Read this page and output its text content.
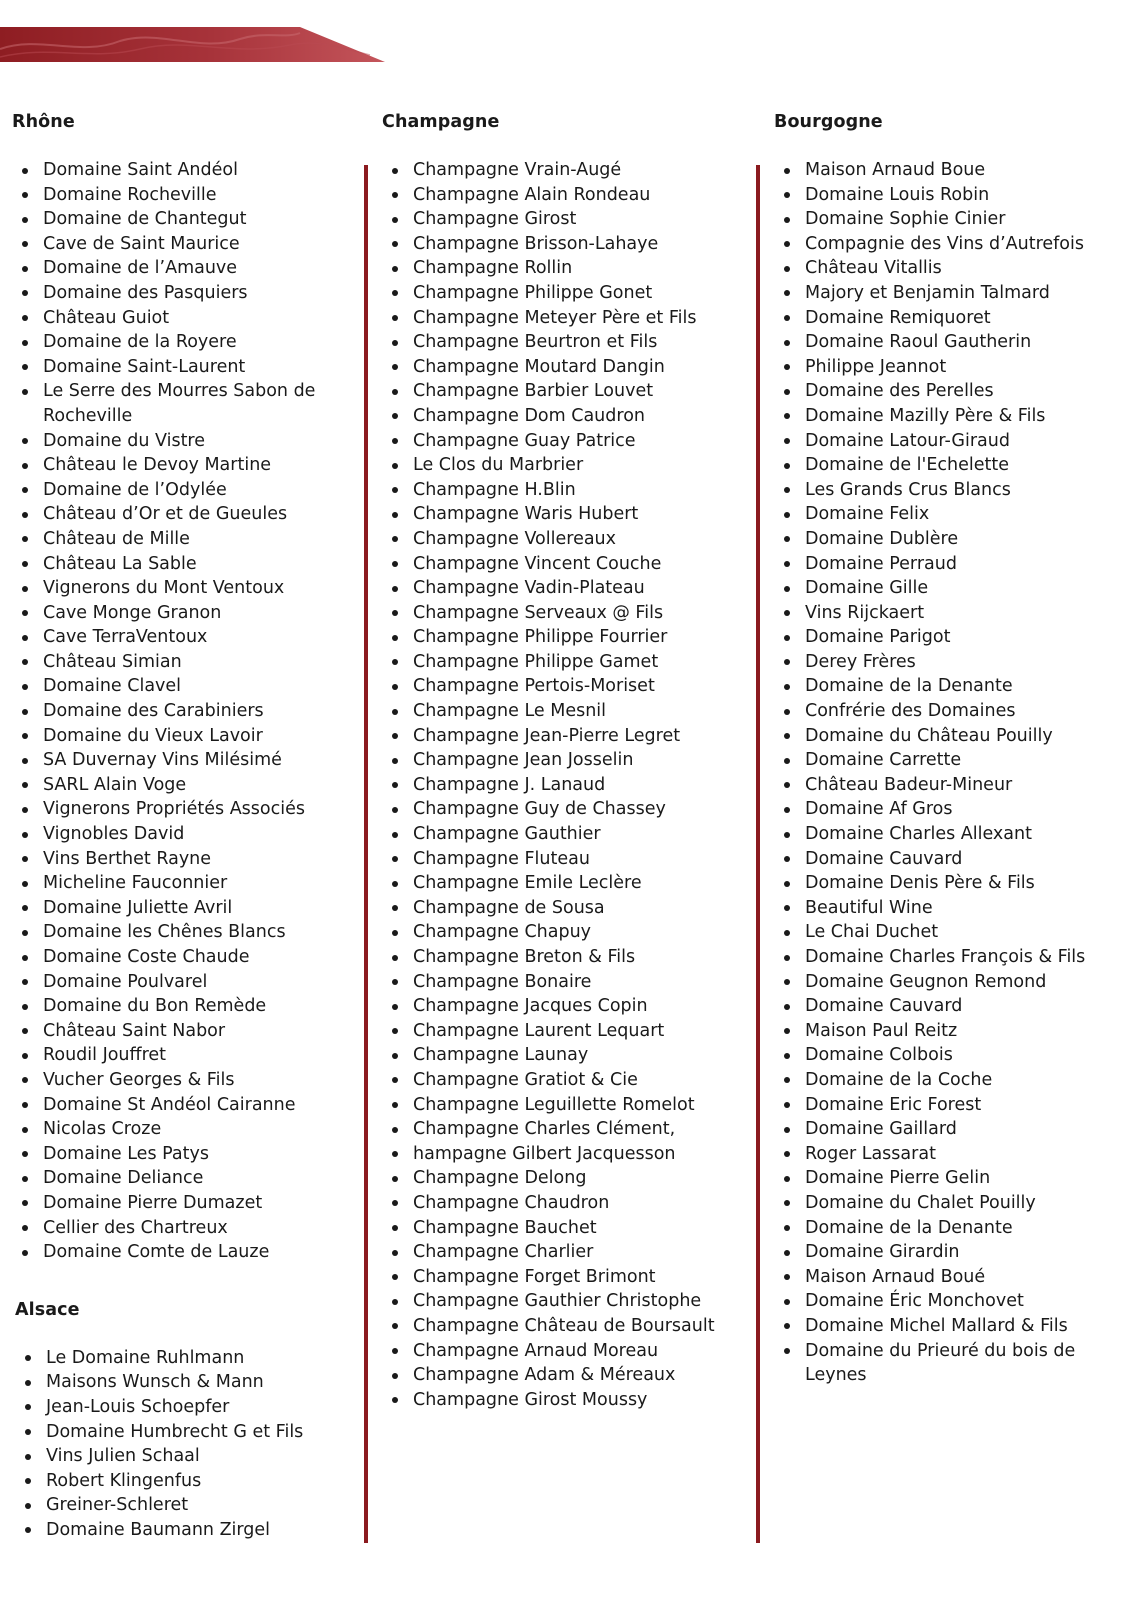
Rhône
Domaine Saint Andéol
Domaine Rocheville
Domaine de Chantegut
Cave de Saint Maurice
Domaine de l’Amauve
Domaine des Pasquiers
Château Guiot
Domaine de la Royere
Domaine Saint-Laurent
Le Serre des Mourres Sabon de Rocheville
Domaine du Vistre
Château le Devoy Martine
Domaine de l’Odylée
Château d’Or et de Gueules
Château de Mille
Château La Sable
Vignerons du Mont Ventoux
Cave Monge Granon
Cave TerraVentoux
Château Simian
Domaine Clavel
Domaine des Carabiniers
Domaine du Vieux Lavoir
SA Duvernay Vins Milésimé
SARL Alain Voge
Vignerons Propriétés Associés
Vignobles David
Vins Berthet Rayne
Micheline Fauconnier
Domaine Juliette Avril
Domaine les Chênes Blancs
Domaine Coste Chaude
Domaine Poulvarel
Domaine du Bon Remède
Château Saint Nabor
Roudil Jouffret
Vucher Georges & Fils
Domaine St Andéol Cairanne
Nicolas Croze
Domaine Les Patys
Domaine Deliance
Domaine Pierre Dumazet
Cellier des Chartreux
Domaine Comte de Lauze
Alsace
Le Domaine Ruhlmann
Maisons Wunsch & Mann
Jean-Louis Schoepfer
Domaine Humbrecht G et Fils
Vins Julien Schaal
Robert Klingenfus
Greiner-Schleret
Domaine Baumann Zirgel
Champagne
Champagne Vrain-Augé
Champagne Alain Rondeau
Champagne Girost
Champagne Brisson-Lahaye
Champagne Rollin
Champagne Philippe Gonet
Champagne Meteyer Père et Fils
Champagne Beurtron et Fils
Champagne Moutard Dangin
Champagne Barbier Louvet
Champagne Dom Caudron
Champagne Guay Patrice
Le Clos du Marbrier
Champagne H.Blin
Champagne Waris Hubert
Champagne Vollereaux
Champagne Vincent Couche
Champagne Vadin-Plateau
Champagne Serveaux @ Fils
Champagne Philippe Fourrier
Champagne Philippe Gamet
Champagne Pertois-Moriset
Champagne Le Mesnil
Champagne Jean-Pierre Legret
Champagne Jean Josselin
Champagne J. Lanaud
Champagne Guy de Chassey
Champagne Gauthier
Champagne Fluteau
Champagne Emile Leclère
Champagne de Sousa
Champagne Chapuy
Champagne Breton & Fils
Champagne Bonaire
Champagne Jacques Copin
Champagne Laurent Lequart
Champagne Launay
Champagne Gratiot & Cie
Champagne Leguillette Romelot
Champagne Charles Clément,
hampagne Gilbert Jacquesson
Champagne Delong
Champagne Chaudron
Champagne Bauchet
Champagne Charlier
Champagne Forget Brimont
Champagne Gauthier Christophe
Champagne Château de Boursault
Champagne Arnaud Moreau
Champagne Adam & Méreaux
Champagne Girost Moussy
Bourgogne
Maison Arnaud Boue
Domaine Louis Robin
Domaine Sophie Cinier
Compagnie des Vins d’Autrefois
Château Vitallis
Majory et Benjamin Talmard
Domaine Remiquoret
Domaine Raoul Gautherin
Philippe Jeannot
Domaine des Perelles
Domaine Mazilly Père & Fils
Domaine Latour-Giraud
Domaine de l'Echelette
Les Grands Crus Blancs
Domaine Felix
Domaine Dublère
Domaine Perraud
Domaine Gille
Vins Rijckaert
Domaine Parigot
Derey Frères
Domaine de la Denante
Confrérie des Domaines
Domaine du Château Pouilly
Domaine Carrette
Château Badeur-Mineur
Domaine Af Gros
Domaine Charles Allexant
Domaine Cauvard
Domaine Denis Père & Fils
Beautiful Wine
Le Chai Duchet
Domaine Charles François & Fils
Domaine Geugnon Remond
Domaine Cauvard
Maison Paul Reitz
Domaine Colbois
Domaine de la Coche
Domaine Eric Forest
Domaine Gaillard
Roger Lassarat
Domaine Pierre Gelin
Domaine du Chalet Pouilly
Domaine de la Denante
Domaine Girardin
Maison Arnaud Boué
Domaine Éric Monchovet
Domaine Michel Mallard & Fils
Domaine du Prieuré du bois de Leynes
